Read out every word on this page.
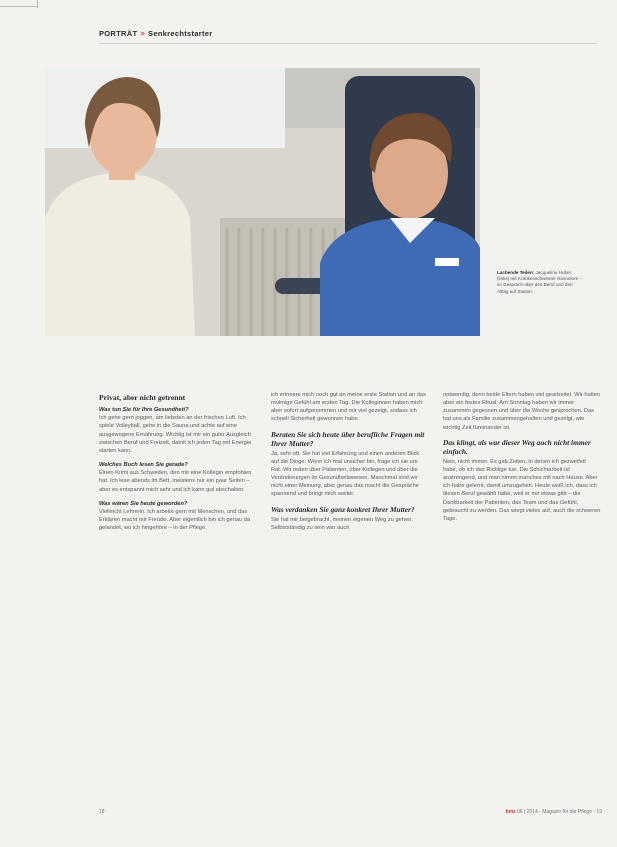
PORTRÄT > Senkrechtstarter
Lachende Teilen: Jacqueline Huber (links) mit Krankenschwester Hannelore – im Gespräch über den Beruf und den Alltag auf Station.
Privat, aber nicht getrennt

Was tun Sie für Ihre Gesundheit?
Ich gehe gern joggen, am liebsten an der frischen Luft. Ich spiele Volleyball, gehe in die Sauna und achte auf eine ausgewogene Ernährung. Wichtig ist mir ein guter Ausgleich zwischen Beruf und Freizeit, damit ich jeden Tag mit Energie starten kann.

Welches Buch lesen Sie gerade?
Einen Krimi aus Schweden, den mir eine Kollegin empfohlen hat. Ich lese abends im Bett, meistens nur ein paar Seiten – aber es entspannt mich sehr und ich kann gut abschalten.

Was wären Sie heute geworden?
Vielleicht Lehrerin. Ich arbeite gern mit Menschen, und das Erklären macht mir Freude. Aber eigentlich bin ich genau da gelandet, wo ich hingehöre – in der Pflege.

ich erinnere mich noch gut an meine erste Station und an das mulmige Gefühl am ersten Tag. Die Kolleginnen haben mich aber sofort aufgenommen und mir viel gezeigt, sodass ich schnell Sicherheit gewonnen habe.

Beraten Sie sich heute über berufliche Fragen mit Ihrer Mutter?

Ja, sehr oft. Sie hat viel Erfahrung und einen anderen Blick auf die Dinge. Wenn ich mal unsicher bin, frage ich sie um Rat. Wir reden über Patienten, über Kollegen und über die Veränderungen im Gesundheitswesen. Manchmal sind wir nicht einer Meinung, aber genau das macht die Gespräche spannend und bringt mich weiter.

Was verdanken Sie ganz konkret Ihrer Mutter?

Sie hat mir beigebracht, meinen eigenen Weg zu gehen. Selbstständig zu sein war auch

notwendig, denn beide Eltern haben viel gearbeitet. Wir hatten aber ein festes Ritual: Am Sonntag haben wir immer zusammen gegessen und über die Woche gesprochen. Das hat uns als Familie zusammengehalten und gezeigt, wie wichtig Zeit füreinander ist.

Das klingt, als war dieser Weg auch nicht immer einfach.

Nein, nicht immer. Es gab Zeiten, in denen ich gezweifelt habe, ob ich das Richtige tue. Die Schichtarbeit ist anstrengend, und man nimmt manches mit nach Hause. Aber ich habe gelernt, damit umzugehen. Heute weiß ich, dass ich diesen Beruf gewählt habe, weil er mir etwas gibt – die Dankbarkeit der Patienten, das Team und das Gefühl, gebraucht zu werden. Das wiegt vieles auf, auch die schweren Tage.

18	bmz 06 | 2014 · Magazin für die Pflege · 19
